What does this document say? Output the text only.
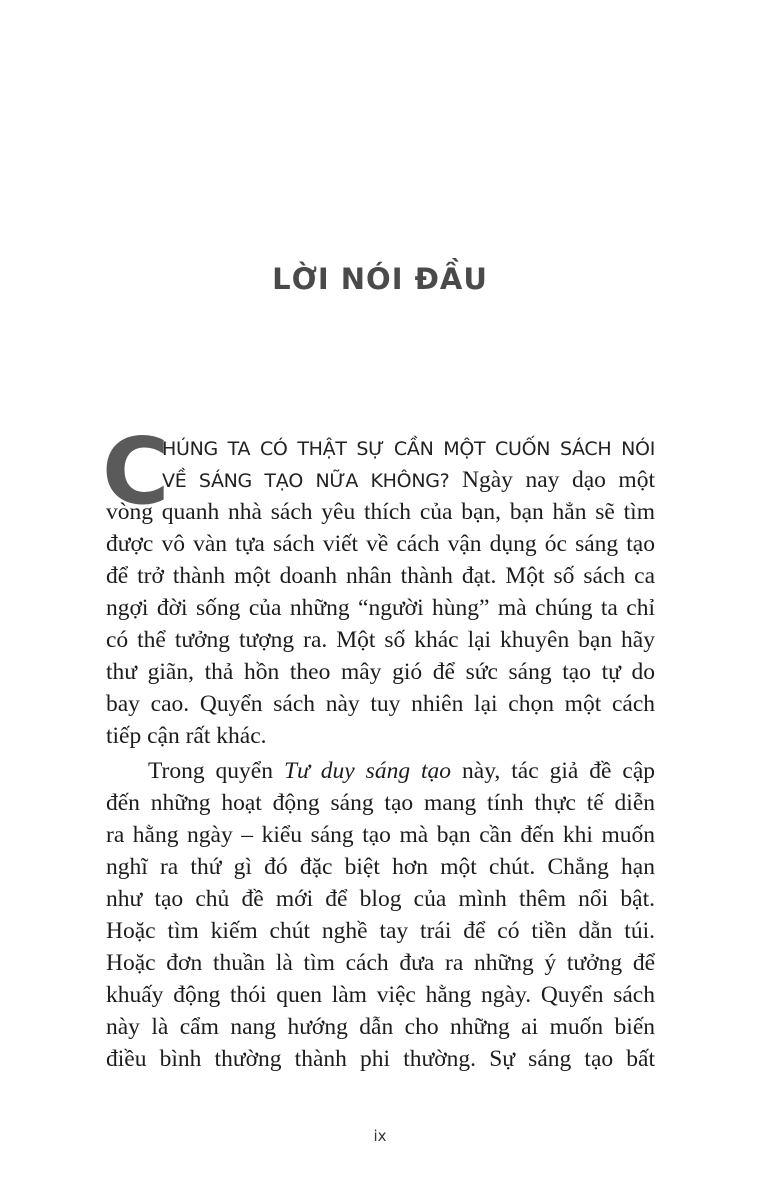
LỜI NÓI ĐẦU
C
HÚNG TA CÓ THẬT SỰ CẦN MỘT CUỐN SÁCH NÓI
VỀ SÁNG TẠO NỮA KHÔNG? Ngày nay dạo một
vòng quanh nhà sách yêu thích của bạn, bạn hẳn sẽ tìm
được vô vàn tựa sách viết về cách vận dụng óc sáng tạo
để trở thành một doanh nhân thành đạt. Một số sách ca
ngợi đời sống của những “người hùng” mà chúng ta chỉ
có thể tưởng tượng ra. Một số khác lại khuyên bạn hãy
thư giãn, thả hồn theo mây gió để sức sáng tạo tự do
bay cao. Quyển sách này tuy nhiên lại chọn một cách
tiếp cận rất khác.
Trong quyển Tư duy sáng tạo này, tác giả đề cập
đến những hoạt động sáng tạo mang tính thực tế diễn
ra hằng ngày – kiểu sáng tạo mà bạn cần đến khi muốn
nghĩ ra thứ gì đó đặc biệt hơn một chút. Chẳng hạn
như tạo chủ đề mới để blog của mình thêm nổi bật.
Hoặc tìm kiếm chút nghề tay trái để có tiền dằn túi.
Hoặc đơn thuần là tìm cách đưa ra những ý tưởng để
khuấy động thói quen làm việc hằng ngày. Quyển sách
này là cẩm nang hướng dẫn cho những ai muốn biến
điều bình thường thành phi thường. Sự sáng tạo bất
ix
